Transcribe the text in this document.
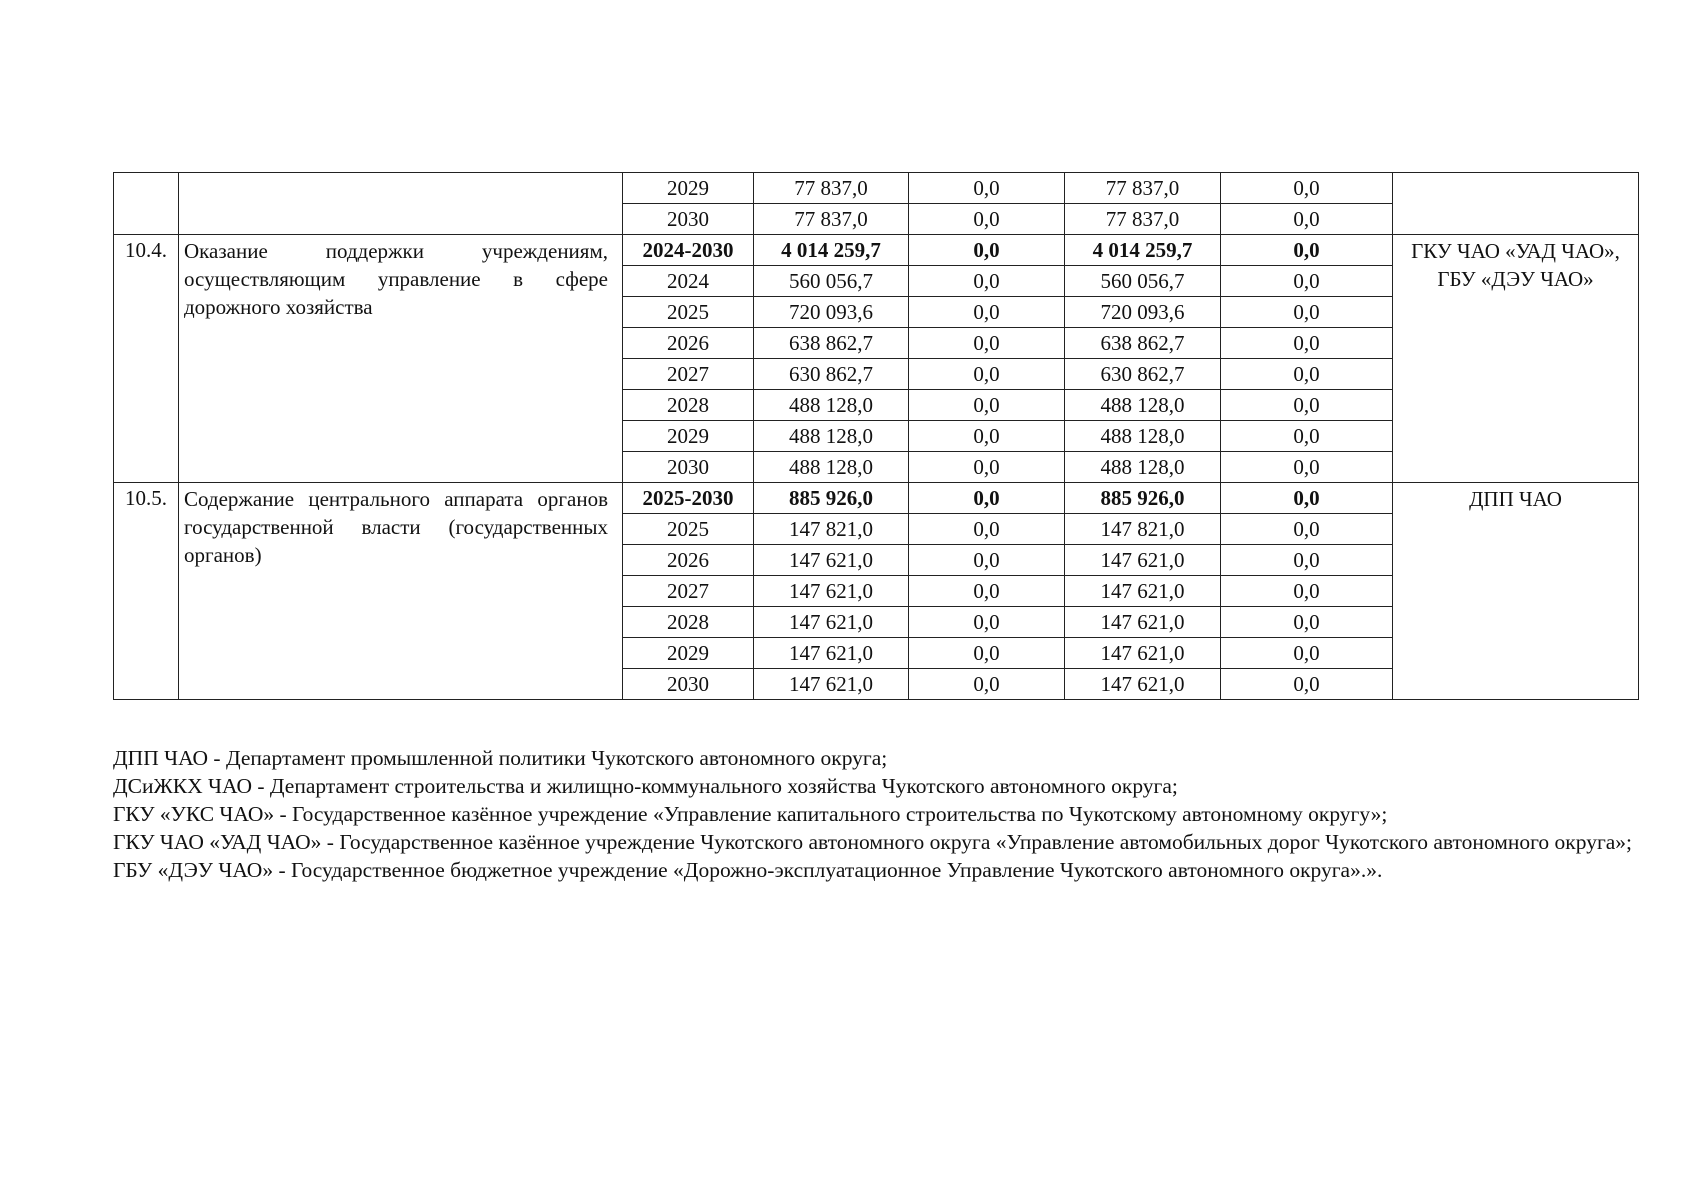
		2029	77 837,0	0,0	77 837,0	0,0	
		2030	77 837,0	0,0	77 837,0	0,0	
10.4.	Оказание поддержки учреждениям, осуществляющим управление в сфере дорожного хозяйства	2024-2030	4 014 259,7	0,0	4 014 259,7	0,0	ГКУ ЧАО «УАД ЧАО», ГБУ «ДЭУ ЧАО»
		2024	560 056,7	0,0	560 056,7	0,0	
		2025	720 093,6	0,0	720 093,6	0,0	
		2026	638 862,7	0,0	638 862,7	0,0	
		2027	630 862,7	0,0	630 862,7	0,0	
		2028	488 128,0	0,0	488 128,0	0,0	
		2029	488 128,0	0,0	488 128,0	0,0	
		2030	488 128,0	0,0	488 128,0	0,0	
10.5.	Содержание центрального аппарата органов государственной власти (государственных органов)	2025-2030	885 926,0	0,0	885 926,0	0,0	ДПП ЧАО
		2025	147 821,0	0,0	147 821,0	0,0	
		2026	147 621,0	0,0	147 621,0	0,0	
		2027	147 621,0	0,0	147 621,0	0,0	
		2028	147 621,0	0,0	147 621,0	0,0	
		2029	147 621,0	0,0	147 621,0	0,0	
		2030	147 621,0	0,0	147 621,0	0,0	

ДПП ЧАО - Департамент промышленной политики Чукотского автономного округа;

ДСиЖКХ ЧАО - Департамент строительства и жилищно-коммунального хозяйства Чукотского автономного округа;

ГКУ «УКС ЧАО» - Государственное казённое учреждение «Управление капитального строительства по Чукотскому автономному округу»;

ГКУ ЧАО «УАД ЧАО» - Государственное казённое учреждение Чукотского автономного округа «Управление автомобильных дорог Чукотского автономного округа»;

ГБУ «ДЭУ ЧАО» - Государственное бюджетное учреждение «Дорожно-эксплуатационное Управление Чукотского автономного округа».».
